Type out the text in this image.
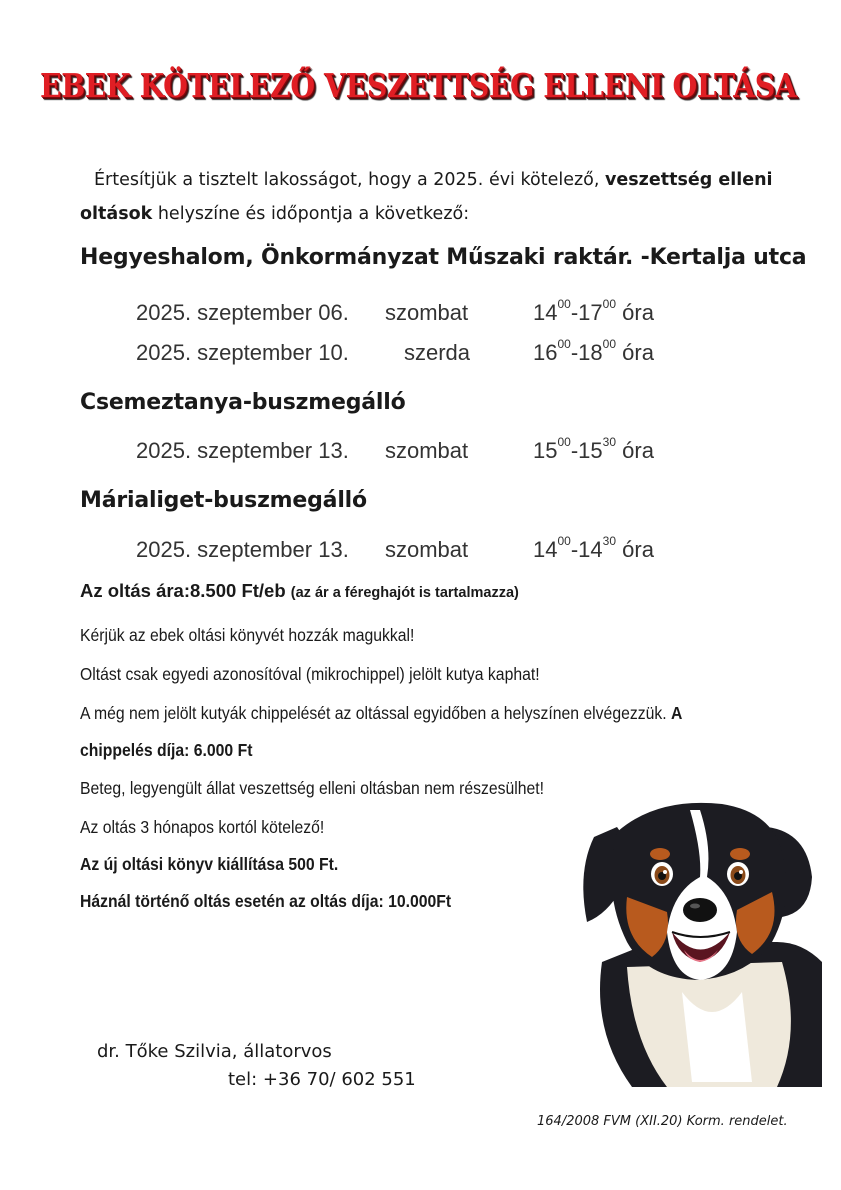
EBEK KÖTELEZŐ VESZETTSÉG ELLENI OLTÁSA
Értesítjük a tisztelt lakosságot, hogy a 2025. évi kötelező, veszettség elleni oltások helyszíne és időpontja a következő:
Hegyeshalom, Önkormányzat Műszaki raktár. -Kertalja utca
2025. szeptember 06. szombat	$14^{00}-17^{00}$ óra
2025. szeptember 10.	szerda	$16^{00}-18^{00}$ óra
Csemeztanya-buszmegálló
2025. szeptember 13. szombat	$15^{00}-15^{30}$ óra
Márialiget-buszmegálló
2025. szeptember 13. szombat	$14^{00}-14^{30}$ óra
Az oltás ára:8.500 Ft/eb (az ár a féreghajót is tartalmazza)
Kérjük az ebek oltási könyvét hozzák magukkal!
Oltást csak egyedi azonosítóval (mikrochippel) jelölt kutya kaphat!
A még nem jelölt kutyák chippelését az oltással egyidőben a helyszínen elvégezzük. A
chippelés díja: 6.000 Ft
Beteg, legyengült állat veszettség elleni oltásban nem részesülhet!
Az oltás 3 hónapos kortól kötelező!
Az új oltási könyv kiállítása 500 Ft.
Háznál történő oltás esetén az oltás díja: 10.000Ft
dr. Tőke Szilvia, állatorvos
tel: +36 70/ 602 551
164/2008 FVM (XII.20) Korm. rendelet.
